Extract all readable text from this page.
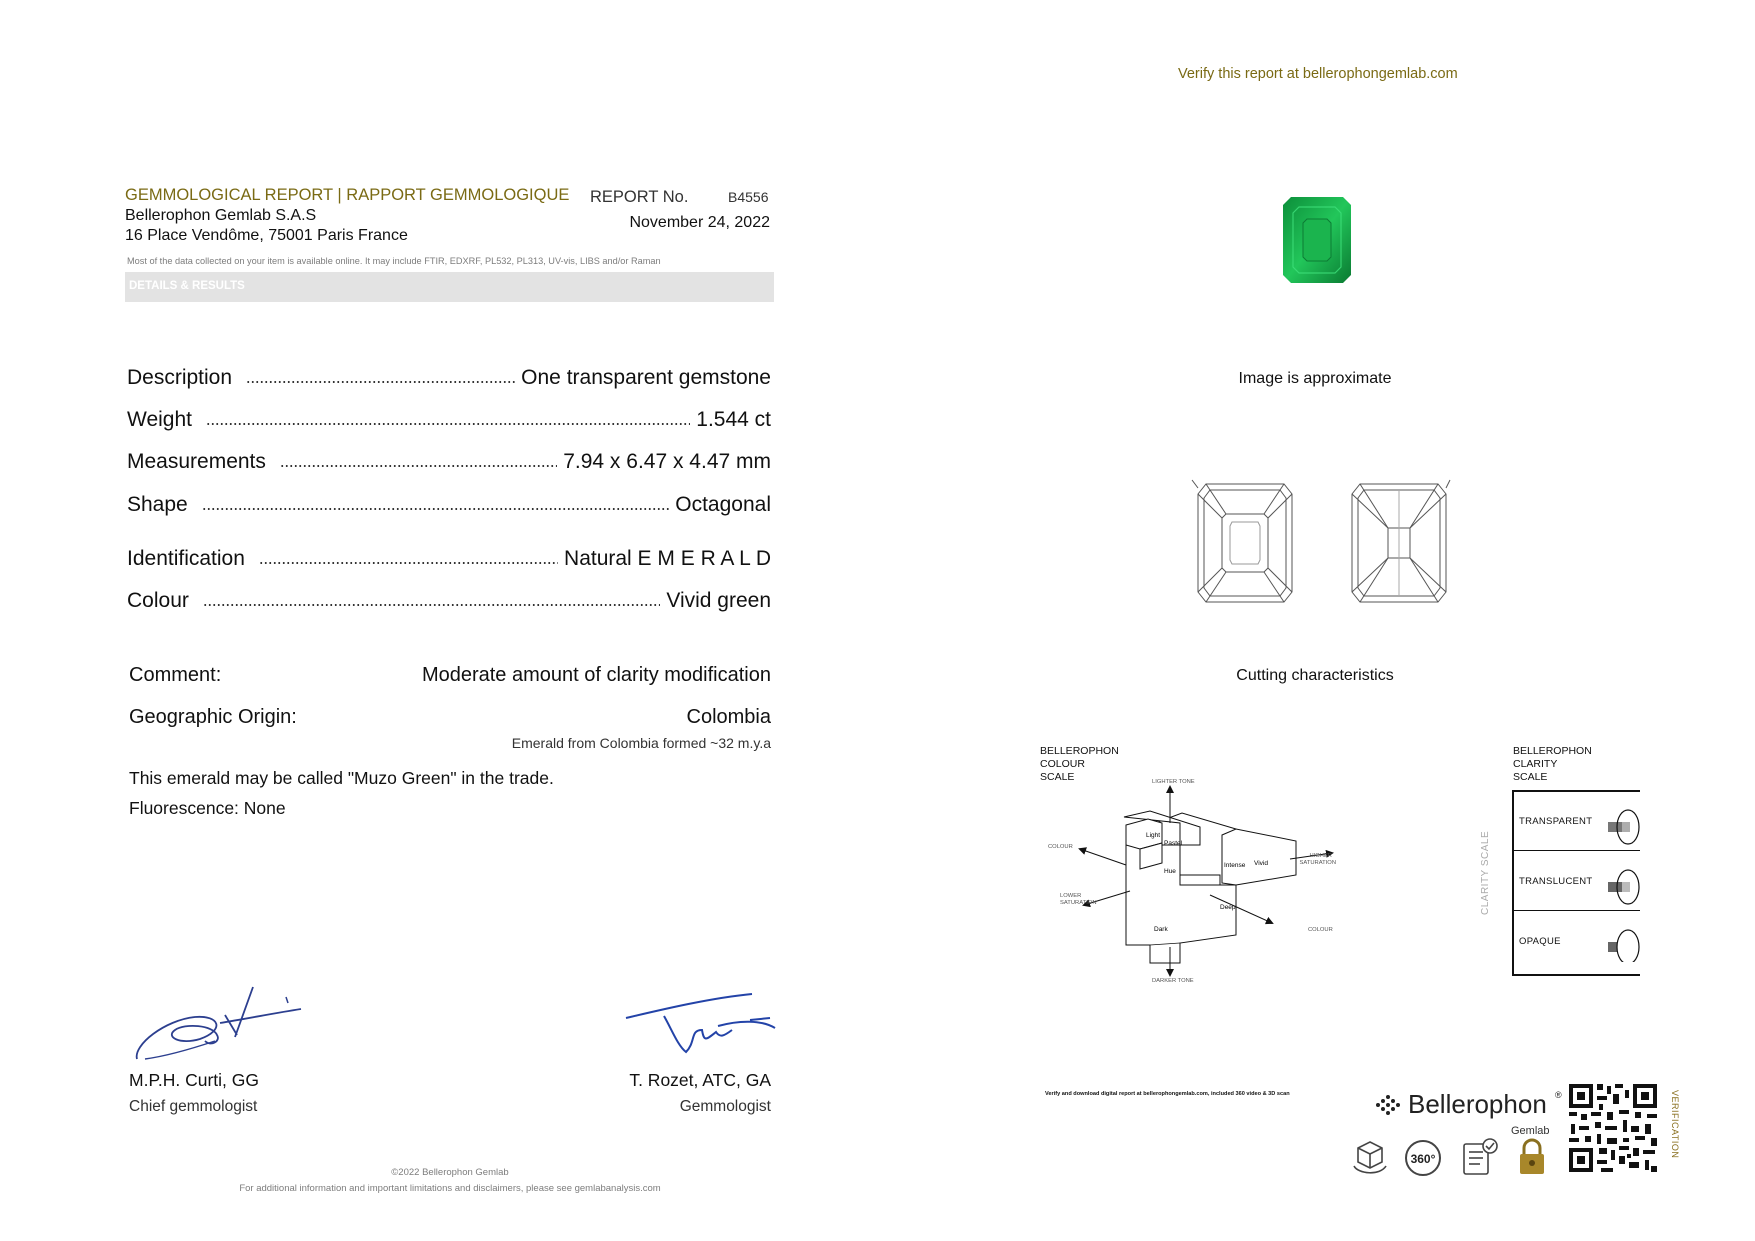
Verify this report at bellerophongemlab.com
GEMMOLOGICAL REPORT | RAPPORT GEMMOLOGIQUE
Bellerophon Gemlab S.A.S
16 Place Vendôme, 75001 Paris France
REPORT No.	B4556
November 24, 2022
Most of the data collected on your item is available online. It may include FTIR, EDXRF, PL532, PL313, UV-vis, LIBS and/or Raman
DETAILS & RESULTS
Description	One transparent gemstone
Weight	1.544 ct
Measurements	7.94 x 6.47 x 4.47 mm
Shape	Octagonal
Identification	Natural E M E R A L D
Colour	Vivid green
Comment:	Moderate amount of clarity modification
Geographic Origin:	Colombia
Emerald from Colombia formed ~32 m.y.a
This emerald may be called "Muzo Green" in the trade.
Fluorescence: None
M.P.H. Curti, GG
Chief gemmologist
T. Rozet, ATC, GA
Gemmologist
©2022 Bellerophon Gemlab
For additional information and important limitations and disclaimers, please see gemlabanalysis.com
Image is approximate
Cutting characteristics
BELLEROPHON
COLOUR
SCALE
Light
Pastel
Hue
Intense Vivid
Deep
Dark
LIGHTER TONE
DARKER TONE
COLOUR
COLOUR
HIGHER
SATURATION
LOWER
SATURATION
BELLEROPHON
CLARITY
SCALE
CLARITY SCALE
TRANSPARENT
TRANSLUCENT
OPAQUE
Verify and download digital report at bellerophongemlab.com, included 360 video & 3D scan	Bellerophon ®
Gemlab
360°
VERIFICATION
